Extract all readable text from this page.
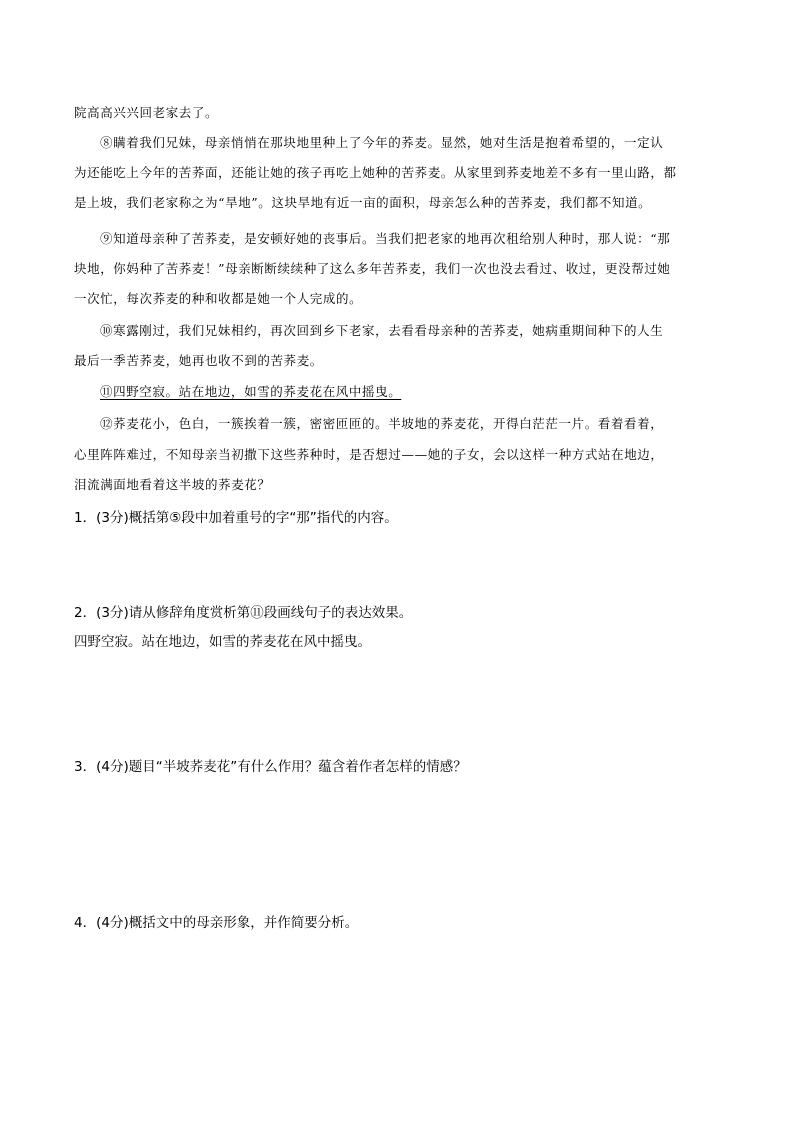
院高高兴兴回老家去了。
⑧瞒着我们兄妹，母亲悄悄在那块地里种上了今年的荞麦。显然，她对生活是抱着希望的，一定认
为还能吃上今年的苦荞面，还能让她的孩子再吃上她种的苦荞麦。从家里到荞麦地差不多有一里山路，都
是上坡，我们老家称之为“旱地”。这块旱地有近一亩的面积，母亲怎么种的苦荞麦，我们都不知道。
⑨知道母亲种了苦荞麦，是安顿好她的丧事后。当我们把老家的地再次租给别人种时，那人说：“那
块地，你妈种了苦荞麦！”母亲断断续续种了这么多年苦荞麦，我们一次也没去看过、收过，更没帮过她
一次忙，每次荞麦的种和收都是她一个人完成的。
⑩寒露刚过，我们兄妹相约，再次回到乡下老家，去看看母亲种的苦荞麦，她病重期间种下的人生
最后一季苦荞麦，她再也收不到的苦荞麦。
⑪四野空寂。站在地边，如雪的荞麦花在风中摇曳。
⑫荞麦花小，色白，一簇挨着一簇，密密匝匝的。半坡地的荞麦花，开得白茫茫一片。看着看着，
心里阵阵难过，不知母亲当初撒下这些荞种时，是否想过——她的子女，会以这样一种方式站在地边，
泪流满面地看着这半坡的荞麦花？
1．(3分)概括第⑤段中加着重号的字“那”指代的内容。
2．(3分)请从修辞角度赏析第⑪段画线句子的表达效果。
四野空寂。站在地边，如雪的荞麦花在风中摇曳。
3．(4分)题目“半坡荞麦花”有什么作用？蕴含着作者怎样的情感？
4．(4分)概括文中的母亲形象，并作简要分析。
